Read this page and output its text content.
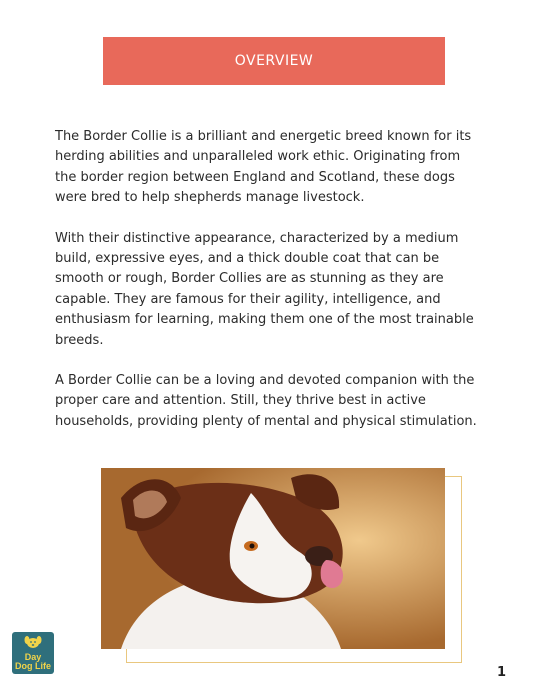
OVERVIEW

The Border Collie is a brilliant and energetic breed known for its herding abilities and unparalleled work ethic. Originating from the border region between England and Scotland, these dogs were bred to help shepherds manage livestock.

With their distinctive appearance, characterized by a medium build, expressive eyes, and a thick double coat that can be smooth or rough, Border Collies are as stunning as they are capable. They are famous for their agility, intelligence, and enthusiasm for learning, making them one of the most trainable breeds.

A Border Collie can be a loving and devoted companion with the proper care and attention. Still, they thrive best in active households, providing plenty of mental and physical stimulation.

Day
Dog Life	1
